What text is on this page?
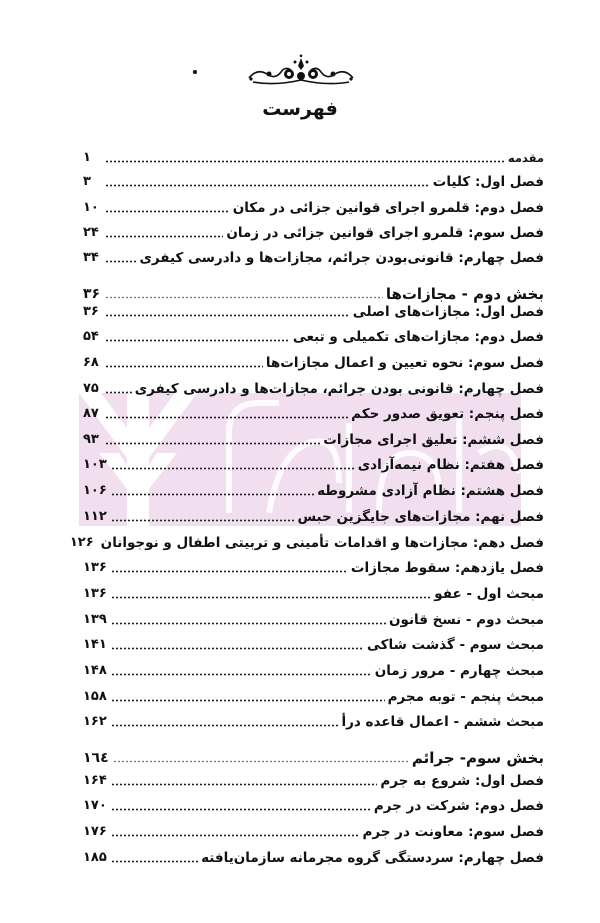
فهرست
مقدمه
۱
فصل اول: کلیات
۳
فصل دوم: قلمرو اجرای قوانین جزائی در مکان
۱۰
فصل سوم: قلمرو اجرای قوانین جزائی در زمان
۲۴
فصل چهارم: قانونی‌بودن جرائم، مجازات‌ها و دادرسی کیفری
۳۴
بخش دوم - مجازات‌ها
۳۶
فصل اول: مجازات‌های اصلی
۳۶
فصل دوم: مجازات‌های تکمیلی و تبعی
۵۴
فصل سوم: نحوه تعیین و اعمال مجازات‌ها
۶۸
فصل چهارم: قانونی بودن جرائم، مجازات‌ها و دادرسی کیفری
۷۵
فصل پنجم: تعویق صدور حکم
۸۷
فصل ششم: تعلیق اجرای مجازات
۹۳
فصل هفتم: نظام نیمه‌آزادی
۱۰۳
فصل هشتم: نظام آزادی مشروطه
۱۰۶
فصل نهم: مجازات‌های جایگزین حبس
۱۱۲
فصل دهم: مجازات‌ها و اقدامات تأمینی و تربیتی اطفال و نوجوانان
۱۲۶
فصل یازدهم: سقوط مجازات
۱۳۶
مبحث اول - عفو
۱۳۶
مبحث دوم - نسخ قانون
۱۳۹
مبحث سوم - گذشت شاکی
۱۴۱
مبحث چهارم - مرور زمان
۱۴۸
مبحث پنجم - توبه مجرم
۱۵۸
مبحث ششم - اعمال قاعده درأ
۱۶۲
بخش سوم- جرائم
۱٦٤
فصل اول: شروع به جرم
۱۶۴
فصل دوم: شرکت در جرم
۱۷۰
فصل سوم: معاونت در جرم
۱۷۶
فصل چهارم: سردستگی گروه مجرمانه سازمان‌یافته
۱۸۵
